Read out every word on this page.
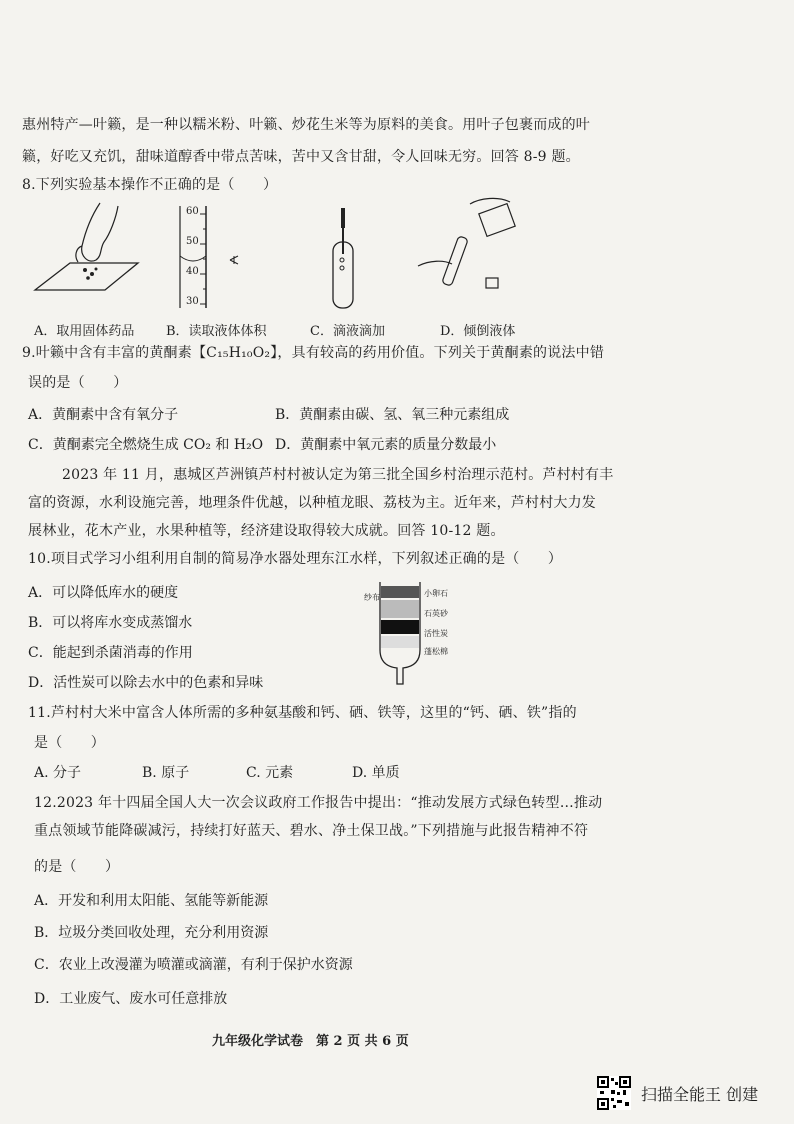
惠州特产—叶籁，是一种以糯米粉、叶籁、炒花生米等为原料的美食。用叶子包裹而成的叶
籁，好吃又充饥，甜味道醇香中带点苦味，苦中又含甘甜，令人回味无穷。回答 8-9 题。
8.下列实验基本操作不正确的是（　　）
60
50
40
30
A．取用固体药品 B．读取液体体积	C．滴液滴加	D．倾倒液体
9.叶籁中含有丰富的黄酮素【C₁₅H₁₀O₂】，具有较高的药用价值。下列关于黄酮素的说法中错
误的是（　　）
A．黄酮素中含有氧分子	B．黄酮素由碳、氢、氧三种元素组成
C．黄酮素完全燃烧生成 CO₂ 和 H₂O D．黄酮素中氧元素的质量分数最小
2023 年 11 月，惠城区芦洲镇芦村村被认定为第三批全国乡村治理示范村。芦村村有丰
富的资源，水利设施完善，地理条件优越，以种植龙眼、荔枝为主。近年来，芦村村大力发
展林业，花木产业，水果种植等，经济建设取得较大成就。回答 10-12 题。
10.项目式学习小组利用自制的简易净水器处理东江水样，下列叙述正确的是（　　）
A．可以降低库水的硬度
B．可以将库水变成蒸馏水
C．能起到杀菌消毒的作用
D．活性炭可以除去水中的色素和异味
纱布	小卵石
石英砂
活性炭
蓬松棉
11.芦村村大米中富含人体所需的多种氨基酸和钙、硒、铁等，这里的“钙、硒、铁”指的
是（　　）
A. 分子	B. 原子	C. 元素	D. 单质
12.2023 年十四届全国人大一次会议政府工作报告中提出：“推动发展方式绿色转型…推动
重点领域节能降碳减污，持续打好蓝天、碧水、净土保卫战。”下列措施与此报告精神不符
的是（　　）
A．开发和利用太阳能、氢能等新能源
B．垃圾分类回收处理，充分利用资源
C．农业上改漫灌为喷灌或滴灌，有利于保护水资源
D．工业废气、废水可任意排放
九年级化学试卷　第 2 页 共 6 页
扫描全能王 创建
